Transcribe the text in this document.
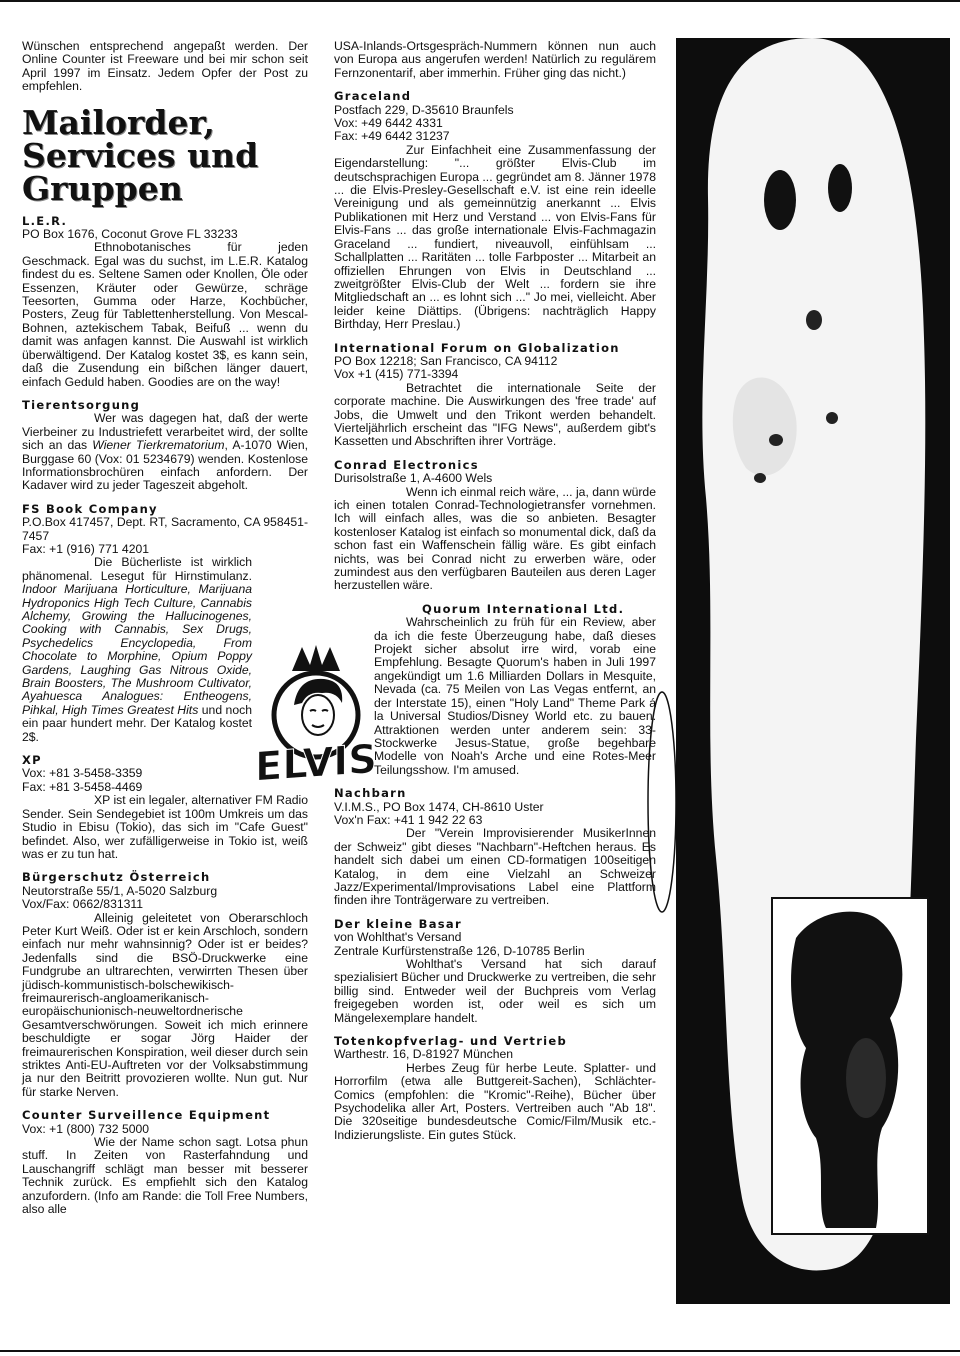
Wünschen entsprechend angepaßt werden. Der Online Counter ist Freeware und bei mir schon seit April 1997 im Einsatz. Jedem Opfer der Post zu empfehlen.

Mailorder,
Services und
Gruppen

L.E.R.

PO Box 1676, Coconut Grove FL 33233

Ethnobotanisches für jeden Geschmack. Egal was du suchst, im L.E.R. Katalog findest du es. Seltene Samen oder Knollen, Öle oder Essenzen, Kräuter oder Gewürze, schräge Teesorten, Gumma oder Harze, Kochbücher, Posters, Zeug für Tablettenherstellung. Von Mescal-Bohnen, aztekischem Tabak, Beifuß ... wenn du damit was anfagen kannst. Die Auswahl ist wirklich überwältigend. Der Katalog kostet 3$, es kann sein, daß die Zusendung ein bißchen länger dauert, einfach Geduld haben. Goodies are on the way!

Tierentsorgung

Wer was dagegen hat, daß der werte Vierbeiner zu Industriefett verarbeitet wird, der sollte sich an das Wiener Tierkrematorium, A-1070 Wien, Burggase 60 (Vox: 01 5234679) wenden. Kostenlose Informationsbrochüren einfach anfordern. Der Kadaver wird zu jeder Tageszeit abgeholt.

FS Book Company

P.O.Box 417457, Dept. RT, Sacramento, CA 958451-7457

Fax: +1 (916) 771 4201

Die Bücherliste ist wirklich phänomenal. Lesegut für Hirnstimulanz. Indoor Marijuana Horticulture, Marijuana Hydroponics High Tech Culture, Cannabis Alchemy, Growing the Hallucinogenes, Cooking with Cannabis, Sex Drugs, Psychedelics Encyclopedia, From Chocolate to Morphine, Opium Poppy Gardens, Laughing Gas Nitrous Oxide, Brain Boosters, The Mushroom Cultivator, Ayahuesca Analogues: Entheogens, Pihkal, High Times Greatest Hits und noch ein paar hundert mehr. Der Katalog kostet 2$.

XP

Vox: +81 3-5458-3359

Fax: +81 3-5458-4469

XP ist ein legaler, alternativer FM Radio Sender. Sein Sendegebiet ist 100m Umkreis um das Studio in Ebisu (Tokio), das sich im "Cafe Guest" befindet. Also, wer zufälligerweise in Tokio ist, weiß was er zu tun hat.

Bürgerschutz Österreich

Neutorstraße 55/1, A-5020 Salzburg

Vox/Fax: 0662/831311

Alleinig geleitetet von Oberarschloch Peter Kurt Weiß. Oder ist er kein Arschloch, sondern einfach nur mehr wahnsinnig? Oder ist er beides? Jedenfalls sind die BSÖ-Druckwerke eine Fundgrube an ultrarechten, verwirrten Thesen über jüdisch-kommunistisch-bolschewikisch-freimaurerisch-angloamerikanisch-europäischunionisch-neuweltordnerische Gesamtverschwörungen. Soweit ich mich erinnere beschuldigte er sogar Jörg Haider der freimaurerischen Konspiration, weil dieser durch sein striktes Anti-EU-Auftreten vor der Volksabstimmung ja nur den Beitritt provozieren wollte. Nun gut. Nur für starke Nerven.

Counter Surveillence Equipment

Vox: +1 (800) 732 5000

Wie der Name schon sagt. Lotsa phun stuff. In Zeiten von Rasterfahndung und Lauschangriff schlägt man besser mit besserer Technik zurück. Es empfiehlt sich den Katalog anzufordern. (Info am Rande: die Toll Free Numbers, also alle

ELVIS

USA-Inlands-Ortsgespräch-Nummern können nun auch von Europa aus angerufen werden! Natürlich zu regulärem Fernzonentarif, aber immerhin. Früher ging das nicht.)

Graceland

Postfach 229, D-35610 Braunfels

Vox: +49 6442 4331

Fax: +49 6442 31237

Zur Einfachheit eine Zusammenfassung der Eigendarstellung: "... größter Elvis-Club im deutschsprachigen Europa ... gegründet am 8. Jänner 1978 ... die Elvis-Presley-Gesellschaft e.V. ist eine rein ideelle Vereinigung und als gemeinnützig anerkannt ... Elvis Publikationen mit Herz und Verstand ... von Elvis-Fans für Elvis-Fans ... das große internationale Elvis-Fachmagazin Graceland ... fundiert, niveauvoll, einfühlsam ... Schallplatten ... Raritäten ... tolle Farbposter ... Mitarbeit an offiziellen Ehrungen von Elvis in Deutschland ... zweitgrößter Elvis-Club der Welt ... fordern sie ihre Mitgliedschaft an ... es lohnt sich ..." Jo mei, vielleicht. Aber leider keine Diättips. (Übrigens: nachträglich Happy Birthday, Herr Preslau.)

International Forum on Globalization

PO Box 12218; San Francisco, CA 94112

Vox +1 (415) 771-3394

Betrachtet die internationale Seite der corporate machine. Die Auswirkungen des 'free trade' auf Jobs, die Umwelt und den Trikont werden behandelt. Vierteljährlich erscheint das "IFG News", außerdem gibt's Kassetten und Abschriften ihrer Vorträge.

Conrad Electronics

Durisolstraße 1, A-4600 Wels

Wenn ich einmal reich wäre, ... ja, dann würde ich einen totalen Conrad-Technologietransfer vornehmen. Ich will einfach alles, was die so anbieten. Besagter kostenloser Katalog ist einfach so monumental dick, daß da schon fast ein Waffenschein fällig wäre. Es gibt einfach nichts, was bei Conrad nicht zu erwerben wäre, oder zumindest aus den verfügbaren Bauteilen aus deren Lager herzustellen wäre.

Quorum International Ltd.

Wahrscheinlich zu früh für ein Review, aber da ich die feste Überzeugung habe, daß dieses Projekt sicher absolut irre wird, vorab eine Empfehlung. Besagte Quorum's haben in Juli 1997 angekündigt um 1.6 Milliarden Dollars in Mesquite, Nevada (ca. 75 Meilen von Las Vegas entfernt, an der Interstate 15), einen "Holy Land" Theme Park á la Universal Studios/Disney World etc. zu bauen. Attraktionen werden unter anderem sein: 33-Stockwerke Jesus-Statue, große begehbare Modelle von Noah's Arche und eine Rotes-Meer Teilungsshow. I'm amused.

Nachbarn

V.I.M.S., PO Box 1474, CH-8610 Uster

Vox'n Fax: +41 1 942 22 63

Der "Verein Improvisierender MusikerInnen der Schweiz" gibt dieses "Nachbarn"-Heftchen heraus. Es handelt sich dabei um einen CD-formatigen 100seitigen Katalog, in dem eine Vielzahl an Schweizer Jazz/Experimental/Improvisations Label eine Plattform finden ihre Tonträgerware zu vertreiben.

Der kleine Basar

von Wohlthat's Versand

Zentrale Kurfürstenstraße 126, D-10785 Berlin

Wohlthat's Versand hat sich darauf spezialisiert Bücher und Druckwerke zu vertreiben, die sehr billig sind. Entweder weil der Buchpreis vom Verlag freigegeben worden ist, oder weil es sich um Mängelexemplare handelt.

Totenkopfverlag- und Vertrieb

Warthestr. 16, D-81927 München

Herbes Zeug für herbe Leute. Splatter- und Horrorfilm (etwa alle Buttgereit-Sachen), Schlächter-Comics (empfohlen: die "Kromic"-Reihe), Bücher über Psychodelika aller Art, Posters. Vertreiben auch "Ab 18". Die 320seitige bundesdeutsche Comic/Film/Musik etc.-Indizierungsliste. Ein gutes Stück.
